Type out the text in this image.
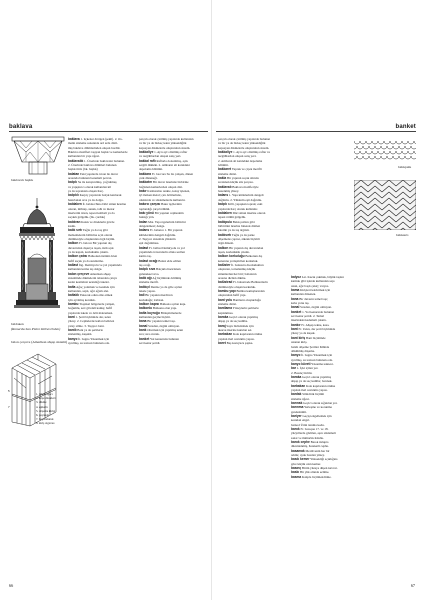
baklava
baklavalı başlık
baldaken
(Roma'da San Pietro Kilisesi'nden)
balon çerçeve (Amerikan ahşap sistemi)
7
5
1. tahan ağacı
2. köşe direkleri
3. dikme
4. eşikaltı
5. döşeme kirişi
6. payanda
7. boyunduruk
8. kiriş ızgarası
baklava 1. üçkenar dörtgen (şekil). 2. Os-
manlı süsleme sanatında ard arda dizil-
miş baklava dilimlerinden oluşan bordür.
Baklava motifleri taşıyan başlık ve kemerlerde
kullanılan bir yapı öğesi.
baklavalık 1. Üzerinde baklavalar bulunan.
2. Üzerinde baklava dilimleri bulunan
başlık türü. (bk. başlık)
balatan Eski yapılarda tavan ile duvar
arasında bulunan bezemeli pervaz.
balçık Su ile karıştırılmış, yoğrulmuş
ve yapıştırıcı olarak kullanılan kil
ya da topraktan oluşan harç.
balçıklı Kerpiç yapılarda balçık katılarak
hazırlanan sıva ya da dolgu.
baldaken İt. baldacchino Dört sütun üzerine
oturan, mihrap, sunak, taht ve mezar
üzerlerini örten, tepesi kubbeli ya da
saçaklı gölgelik. (bk. çardak)
baldıran Kazık ve direklerin gövde
kısmı.
balık sırtı Tuğla ya da taş gibi
malzemelerin birbirine açılı olarak
dizilmesiyle oluşturulan örgü biçimi.
balkon Fr. balcon Bir yapının dış
duvarından dışarıya taşan, üstü açık
ya da kapalı, korkuluklu çıkıntı.
balkon çatısı Balkonun üstünü örten
hafif saçak ya da sundurma.
ballast İng. Demiryolu ve yol yapımında
kullanılan kırma taş dolgu.
balon çerçeve Amerikan ahşap
sisteminde dikmelerin tabandan çatıya
kadar kesintisiz uzandığı iskelet.
balta Ağaç yontmak ve kesmek için
kullanılan, saplı, ağır ağızlı alet.
baltalık Yakacak odun elde etmek
için ayrılmış koruluk.
bambu Tropikal bölgelerde yetişen,
boğumlu, sert gövdeli kamış; hafif
yapılarda iskele ve örtü malzemesi.
bant 1. Şerit biçiminde dar, uzun
yüzey. 2. Cephelerde katları belirten
yatay silme. 3. Taşıyıcı bant.
bantlı Bant ya da şeritlerle
süslenmiş, kuşaklı.
banyo İt. bagno Yıkanmak için
ayrılmış, su tesisatı bulunan oda.
parçalı olarak çizilmiş yapılarda kullanılan
ve bir ya da birkaç katın yüksekliğini
kapsayan dikmelerle oluşturulan sistem.
bakkaliye 1. Ayrı ayrı dizilmiş raflar
ve tezgâhlardan oluşan satış yeri.
bakkal raflı Raflarla donatılmış, açık
sergili dükkân. 2. Ambarın alt katındaki
depolama bölümü.
bakkara Fr. baccara Su ile çalışan, dönen
çark düzeneği.
bakkatırı Bir duvar üzerinde birbirine
bağlanan kemerlerden oluşan dizi.
bakır Kırmızımsı renkte, kolay işlenen,
iyi iletken metal; çatı örtülerinde,
oluklarda ve süslemelerde kullanılır.
bakırcı çarşısı Bakır işçilerinin
toplandığı çarşı bölümü.
bakı yönü Bir yapının cephesinin
baktığı yön.
balan Mat. Yapı ögelerinin birbirini
dengelemesi; denge.
balans Fr. balance 1. Bir yapının
kütlelerinin dengeli dağılımı.
2. Taşıyıcı sistemde yüklerin
eşit dağıtılması.
balast Fr. ballast Demiryolu ve yol
yapımında traverslerin altına serilen
kırma taş.
balast ocağı Balast elde edilen
taş ocağı.
balçık sıva Balçıkla hazırlanan
geleneksel sıva.
balık ağı Ağ biçiminde örülmüş
süsleme motifi.
balıkçıl Denize ya da göle açılan
iskele yapısı.
bali Bir yapının merdiven
korkuluğu; trabzan.
balkon kapısı Balkona açılan kapı.
balkonlu Balkonu olan yapı.
balta kuyruğu Birleştirmelerde
kullanılan geçme biçimi.
bana Bir yapının temel taşı.
banal Sıradan, özgün olmayan.
bank Oturmak için yapılmış uzun
sıra; sıra oturak.
banket Yol kenarında bulunan
sert kenar şeridi.
66
banket
parçalı olarak çizilmiş yapılarda bulunan
ve bir ya da birkaç katın yüksekliğini
kapsayan dikmelerle oluşturulan sistem.
bakkaliye 1. Ayrı ayrı dizilmiş raflar ve
tezgâhlardan oluşan satış yeri.
2. Ambarın alt katındaki depolama
bölümü.
bakkaret Yaprak ve çiçek motifli
süsleme dizisi.
bakla Bir yapının saçak altında
sıralanan küçük süs parçası.
baklavalı Baklava motifleriyle
bezenmiş yüzey.
balans 1. Yapı kütlelerinin dengeli
dağılımı. 2. Yüklerin eşit dağıtımı.
balçık Killi, yapışkan toprak; eski
yapılarda harç olarak kullanılır.
baldaken Dört sütun üzerine oturan
tepesi örtülü gölgelik.
balıkpulu Balık pulları gibi
birbirinin üzerine binerek dizilen
kiremit ya da taş örgüsü.
balıksırtı Tuğla ya da parke
döşemede çapraz, zikzak biçimli
örgü düzeni.
balkon Bir yapının dış duvarından
taşan, korkuluklu çıkıntı.
balkon korkuluğu Balkonun dış
kenarına yerleştirilen korkuluk.
balüster İt. balaustro Korkulukları
oluşturan, tornalanmış küçük
sütunlardan her biri; babaların
arasına dizilen dikme.
balüstrad Fr. balustrade Balüsterlerin
dizilmesiyle oluşan korkuluk.
bambu yapı Bambu kamışlarından
oluşturulan hafif yapı.
bant yolu Bantların oluşturduğu
süsleme dizisi.
bantlama Yüzeylerin şeritlerle
kaplanması.
baraka Geçici olarak yapılmış
ahşap ya da saç kulübe.
baraj Suyu biriktirmek için
akarsu üzerine kurulan set.
barbakan Kale kapılarının önüne
yapılan ileri savunma yapısı.
baret Baş koruyucu şapka.
balyoz Lat. Kazık çakmak, büyük taşları
kırmak gibi işlerde kullanılan sapı
uzun, ağır başlı çekiç; varyos.
bama Kirişleri kaldırmak için
kullanılan düzenek.
bana Bir duvarın temel taşı;
kaba yonu taş.
banal Sıradan, özgün olmayan.
banket 1. Yol kenarında bulunan
sert kenar şeridi. 2. Temel
üzerindeki kademeli çıkıntı.
bankır Fr. Ahşap tekne, kasa.
bant Fr. Uzun, dar şerit biçiminde
yüzey ya da kuşak.
bant kiriş Bant biçiminde
uzanan kiriş.
bantlı döşeme Şeritler hâlinde
dökülmüş döşeme.
banyo İt. bagno Yıkanmak için
ayrılmış, su tesisatı bulunan oda.
banyo küveti Yıkanma teknesi.
bar 1. İçki içilen yer.
2. Basınç birimi.
baraka Geçici olarak yapılmış
ahşap ya da saç kulübe; barınak.
barbakan Kale kapılarının önüne
yapılan ileri savunma yapısı.
bardak Silindirik biçimli
süsleme öğesi.
barınak Geçici olarak sığınılan yer.
barınma Yerleşme ve korunma
gereksinimi.
bariyer Geçişi engellemek için
konulan engel.
barkod Ürün tanıma kodu.
barok Fr. baroque 17. ve 18.
yüzyıllarda görülen, aşırı süslemeli
sanat ve mimarlık üslubu.
barok cephe Barok üslupta
düzenlenmiş, hareketli cephe.
basamak Merdivenin her bir
adımı; ayak basılan yüzey.
basık kemer Yüksekliği açıklığına
göre küçük olan kemer.
basınç Birim yüzeye düşen kuvvet.
baskı Bir yük altında ezilme.
basma Kalıpla biçimlendirme.
balıkpulu
balıksırtı
67
